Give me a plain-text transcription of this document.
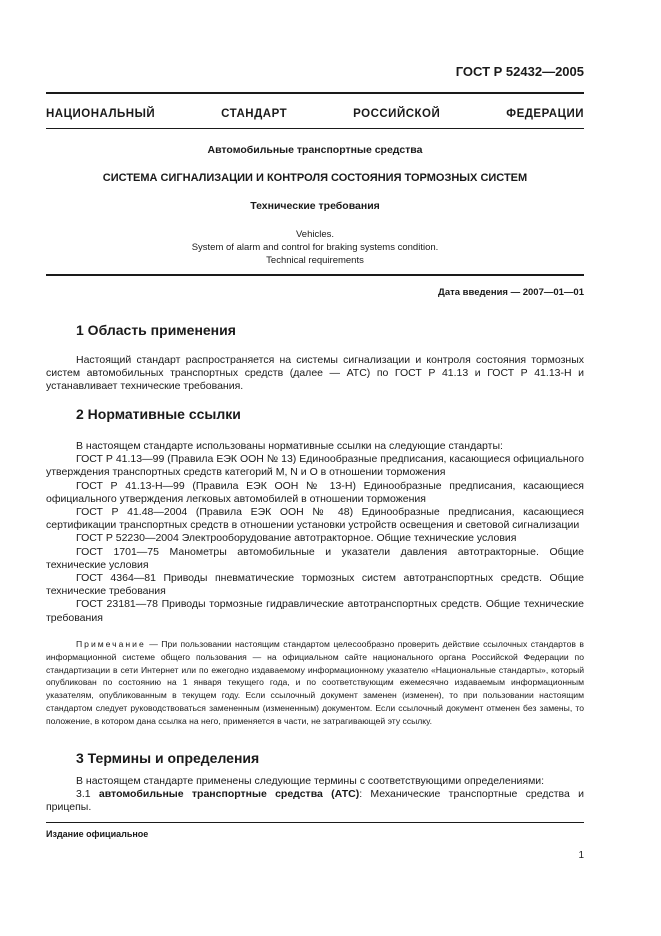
ГОСТ Р 52432—2005
НАЦИОНАЛЬНЫЙ СТАНДАРТ РОССИЙСКОЙ ФЕДЕРАЦИИ
Автомобильные транспортные средства
СИСТЕМА СИГНАЛИЗАЦИИ И КОНТРОЛЯ СОСТОЯНИЯ ТОРМОЗНЫХ СИСТЕМ
Технические требования
Vehicles.
System of alarm and control for braking systems condition.
Technical requirements
Дата введения — 2007—01—01
1 Область применения
Настоящий стандарт распространяется на системы сигнализации и контроля состояния тормозных систем автомобильных транспортных средств (далее — АТС) по ГОСТ Р 41.13 и ГОСТ Р 41.13-Н и устанавливает технические требования.
2 Нормативные ссылки
В настоящем стандарте использованы нормативные ссылки на следующие стандарты:
ГОСТ Р 41.13—99 (Правила ЕЭК ООН № 13) Единообразные предписания, касающиеся официального утверждения транспортных средств категорий M, N и O в отношении торможения
ГОСТ Р 41.13-Н—99 (Правила ЕЭК ООН № 13-Н) Единообразные предписания, касающиеся официального утверждения легковых автомобилей в отношении торможения
ГОСТ Р 41.48—2004 (Правила ЕЭК ООН № 48) Единообразные предписания, касающиеся сертификации транспортных средств в отношении установки устройств освещения и световой сигнализации
ГОСТ Р 52230—2004 Электрооборудование автотракторное. Общие технические условия
ГОСТ 1701—75 Манометры автомобильные и указатели давления автотракторные. Общие технические условия
ГОСТ 4364—81 Приводы пневматические тормозных систем автотранспортных средств. Общие технические требования
ГОСТ 23181—78 Приводы тормозные гидравлические автотранспортных средств. Общие технические требования
Примечание — При пользовании настоящим стандартом целесообразно проверить действие ссылочных стандартов в информационной системе общего пользования — на официальном сайте национального органа Российской Федерации по стандартизации в сети Интернет или по ежегодно издаваемому информационному указателю «Национальные стандарты», который опубликован по состоянию на 1 января текущего года, и по соответствующим ежемесячно издаваемым информационным указателям, опубликованным в текущем году. Если ссылочный документ заменен (изменен), то при пользовании настоящим стандартом следует руководствоваться замененным (измененным) документом. Если ссылочный документ отменен без замены, то положение, в котором дана ссылка на него, применяется в части, не затрагивающей эту ссылку.
3 Термины и определения
В настоящем стандарте применены следующие термины с соответствующими определениями:
3.1 автомобильные транспортные средства (АТС): Механические транспортные средства и прицепы.
Издание официальное
1
